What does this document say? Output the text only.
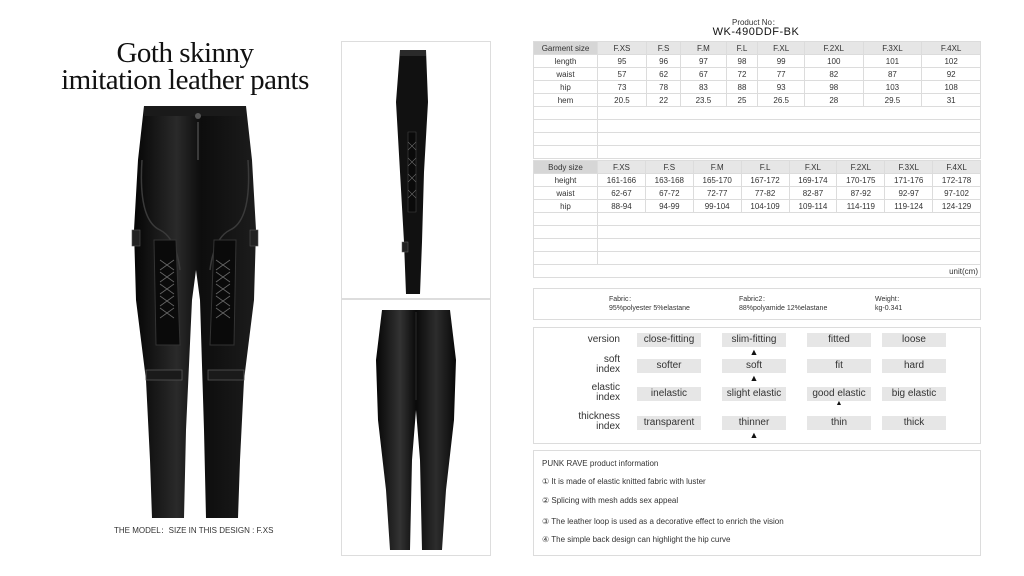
Goth skinny
imitation leather pants
THE MODEL：SIZE IN THIS DESIGN : F.XS
Product No：
WK-490DDF-BK
Garment size	F.XS	F.S	F.M	F.L	F.XL	F.2XL	F.3XL	F.4XL
length	95	96	97	98	99	100	101	102
waist	57	62	67	72	77	82	87	92
hip	73	78	83	88	93	98	103	108
hem	20.5	22	23.5	25	26.5	28	29.5	31

Body size	F.XS	F.S	F.M	F.L	F.XL	F.2XL	F.3XL	F.4XL
height	161-166	163-168	165-170	167-172	169-174	170-175	171-176	172-178
waist	62-67	67-72	72-77	77-82	82-87	87-92	92-97	97-102
hip	88-94	94-99	99-104	104-109	109-114	114-119	119-124	124-129

unit(cm)								
Fabric：
95%polyester 5%elastane
Fabric2：
88%polyamide 12%elastane
Weight：
kg-0.341
version	close-fitting	slim-fitting	fitted	loose
▲
soft
index	softer	soft	fit	hard
▲
elastic
index	inelastic	slight elastic	good elastic	big elastic
▲
thickness
index	transparent	thinner	thin	thick
▲
PUNK RAVE product information
① It is made of elastic knitted fabric with luster
② Splicing with mesh adds sex appeal
③ The leather loop is used as a decorative effect to enrich the vision
④ The simple back design can highlight the hip curve
